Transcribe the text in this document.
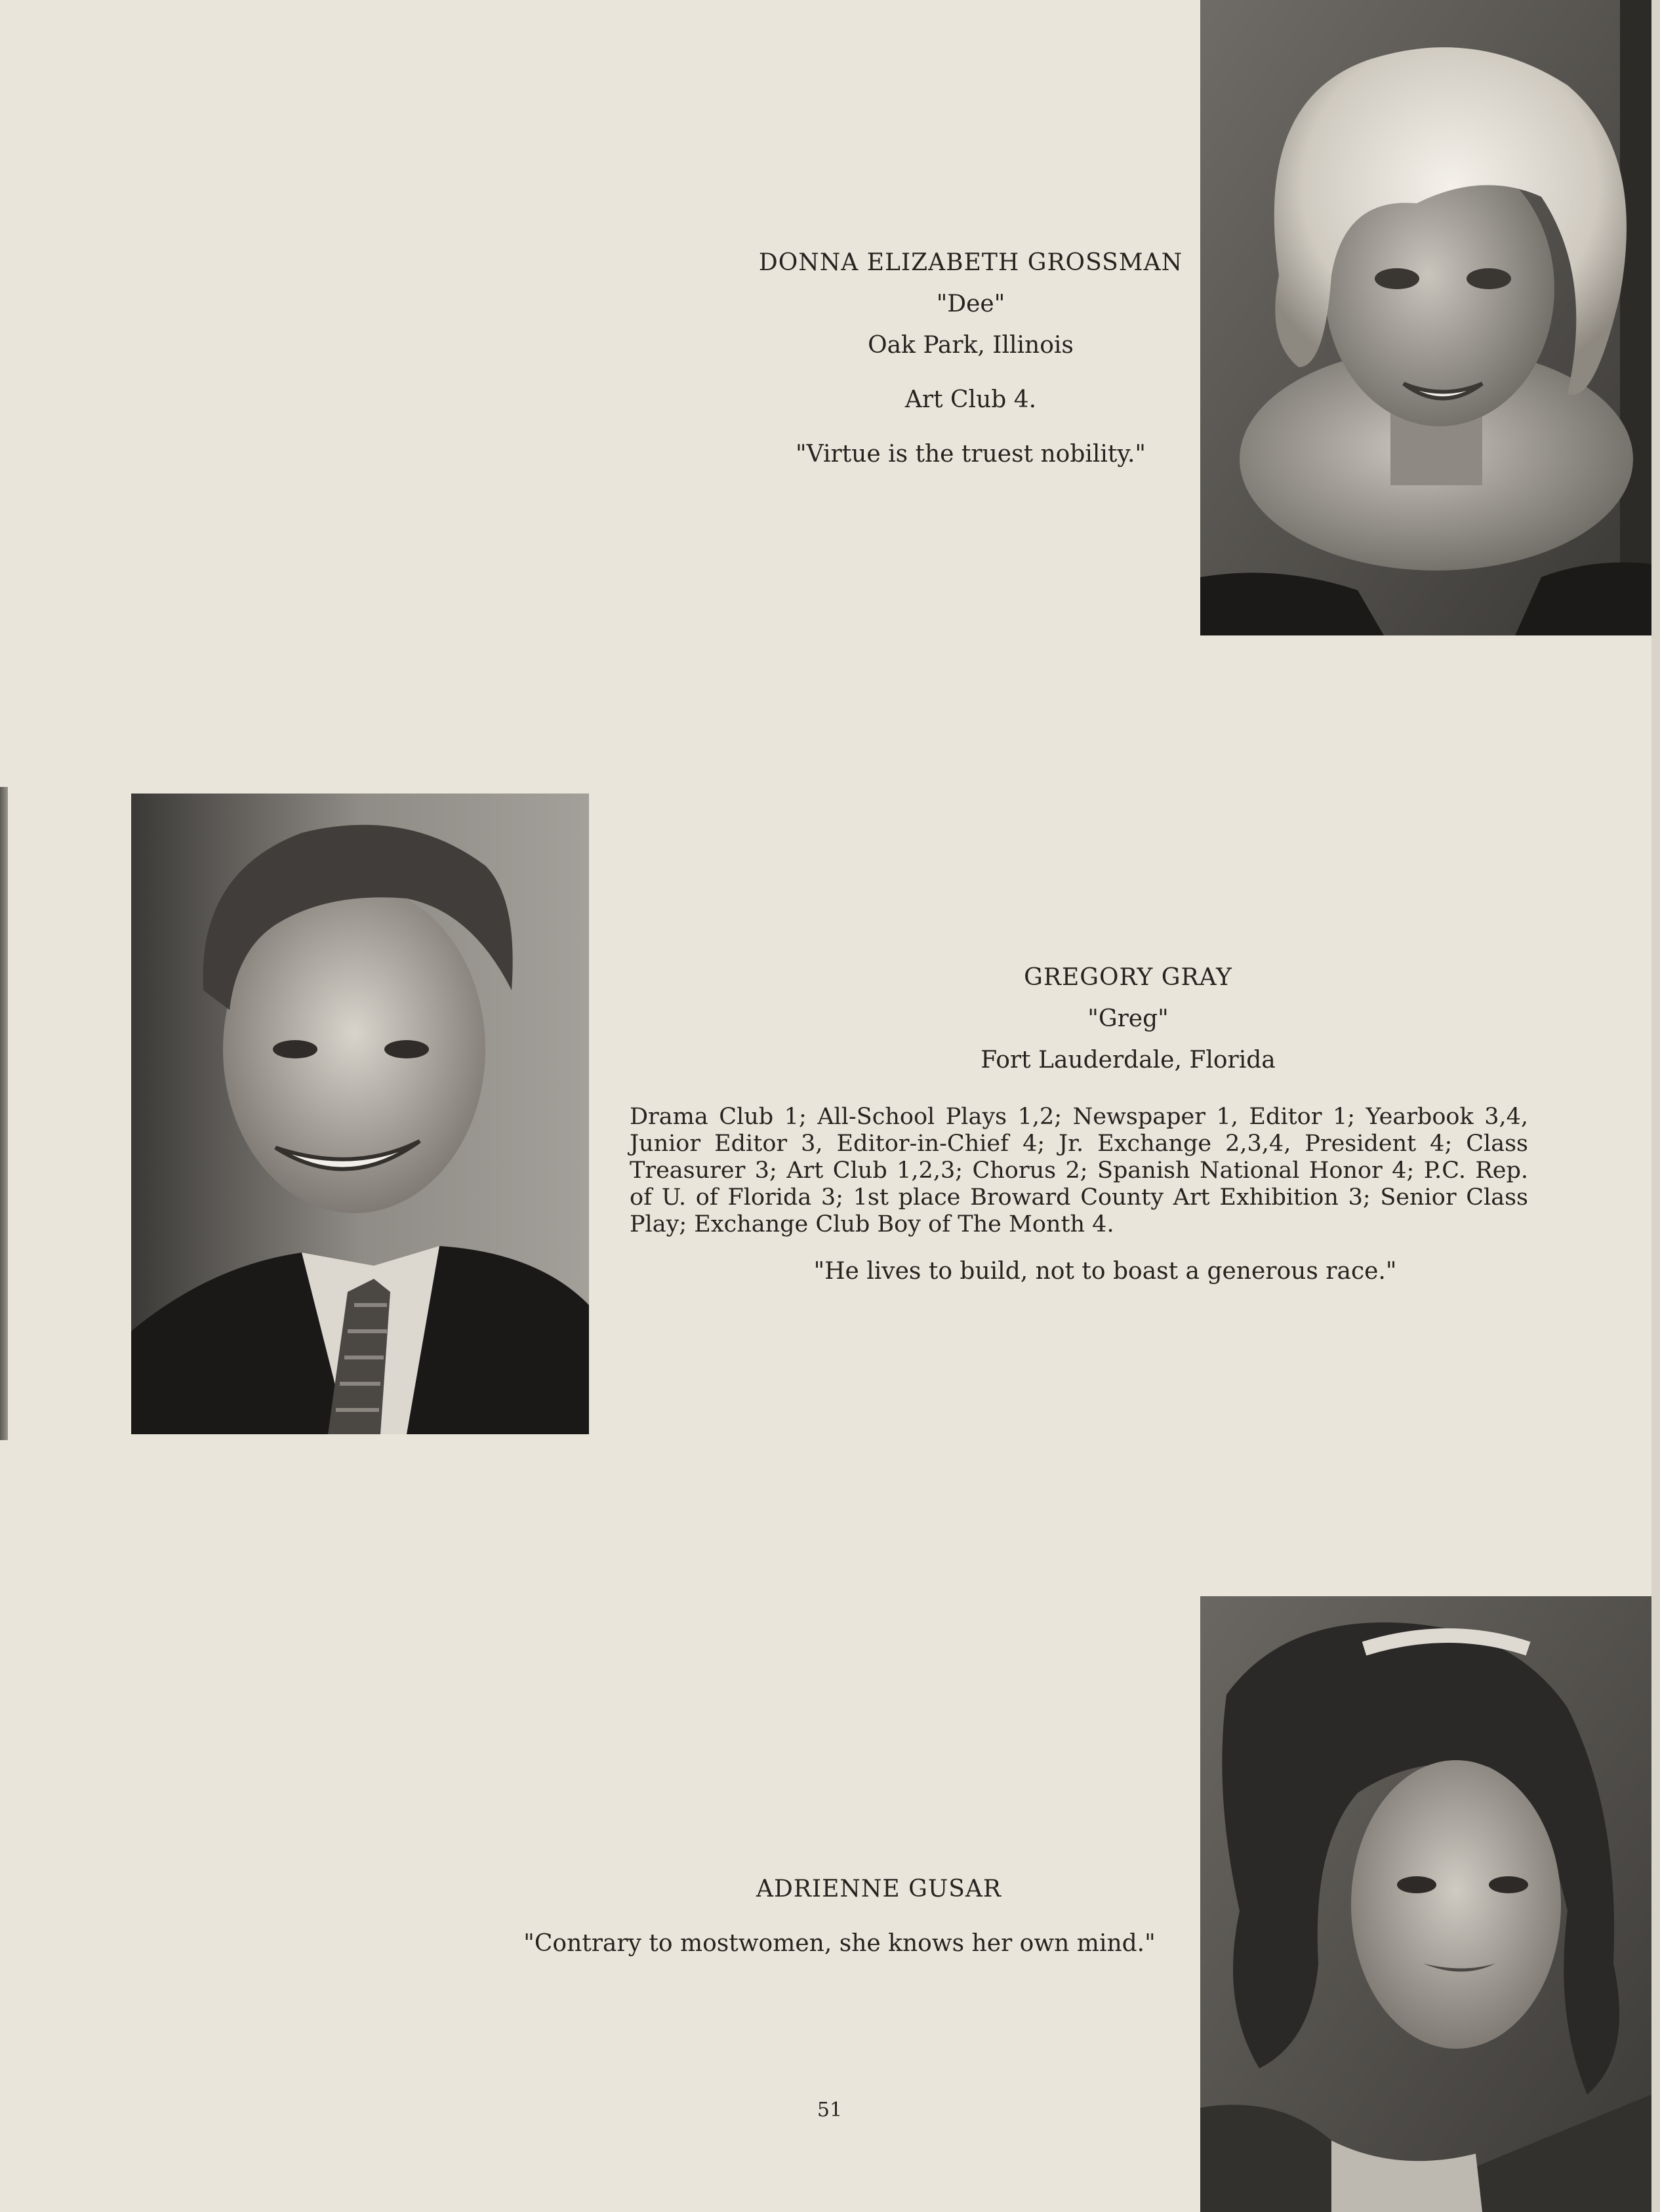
DONNA ELIZABETH GROSSMAN
"Dee"
Oak Park, Illinois
Art Club 4.
"Virtue is the truest nobility."
GREGORY GRAY
"Greg"
Fort Lauderdale, Florida
Drama Club 1; All-School Plays 1,2; Newspaper 1, Editor 1; Yearbook 3,4,
Junior Editor 3, Editor-in-Chief 4; Jr. Exchange 2,3,4, President 4; Class
Treasurer 3; Art Club 1,2,3; Chorus 2; Spanish National Honor 4; P.C. Rep.
of U. of Florida 3; 1st place Broward County Art Exhibition 3; Senior Class
Play; Exchange Club Boy of The Month 4.
"He lives to build, not to boast a generous race."
ADRIENNE GUSAR
"Contrary to mostwomen, she knows her own mind."
51
